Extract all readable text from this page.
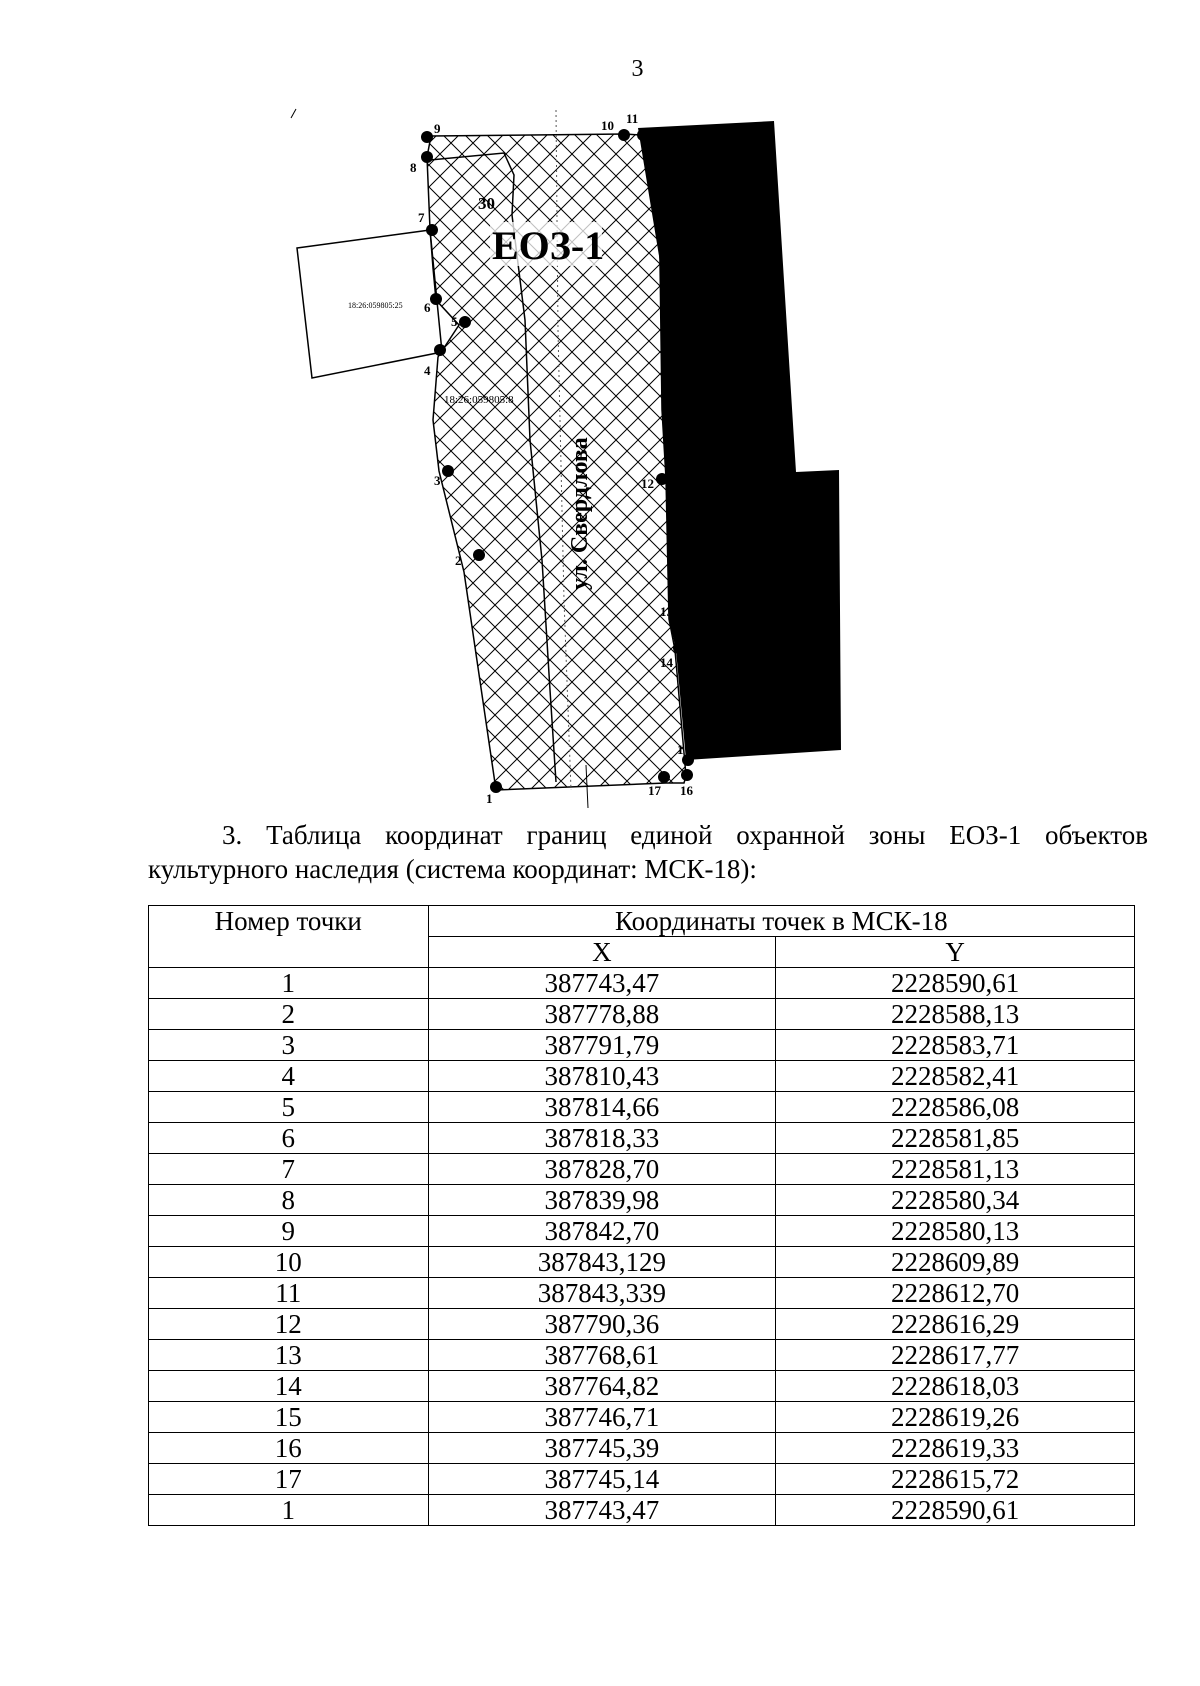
3
18:26:059805:25
ЕОЗ-1
30
18:26:059805:8
ул. Свердлова
1
2
3
4
5
6
7
8
9	10 11
12
13
14
1
16
17
3. Таблица координат границ единой охранной зоны ЕОЗ-1 объектов культурного наследия (система координат: МСК-18):
Номер точки	Координаты точек в МСК-18	
	X	Y
1	387743,47	2228590,61
2	387778,88	2228588,13
3	387791,79	2228583,71
4	387810,43	2228582,41
5	387814,66	2228586,08
6	387818,33	2228581,85
7	387828,70	2228581,13
8	387839,98	2228580,34
9	387842,70	2228580,13
10	387843,129	2228609,89
11	387843,339	2228612,70
12	387790,36	2228616,29
13	387768,61	2228617,77
14	387764,82	2228618,03
15	387746,71	2228619,26
16	387745,39	2228619,33
17	387745,14	2228615,72
1	387743,47	2228590,61
